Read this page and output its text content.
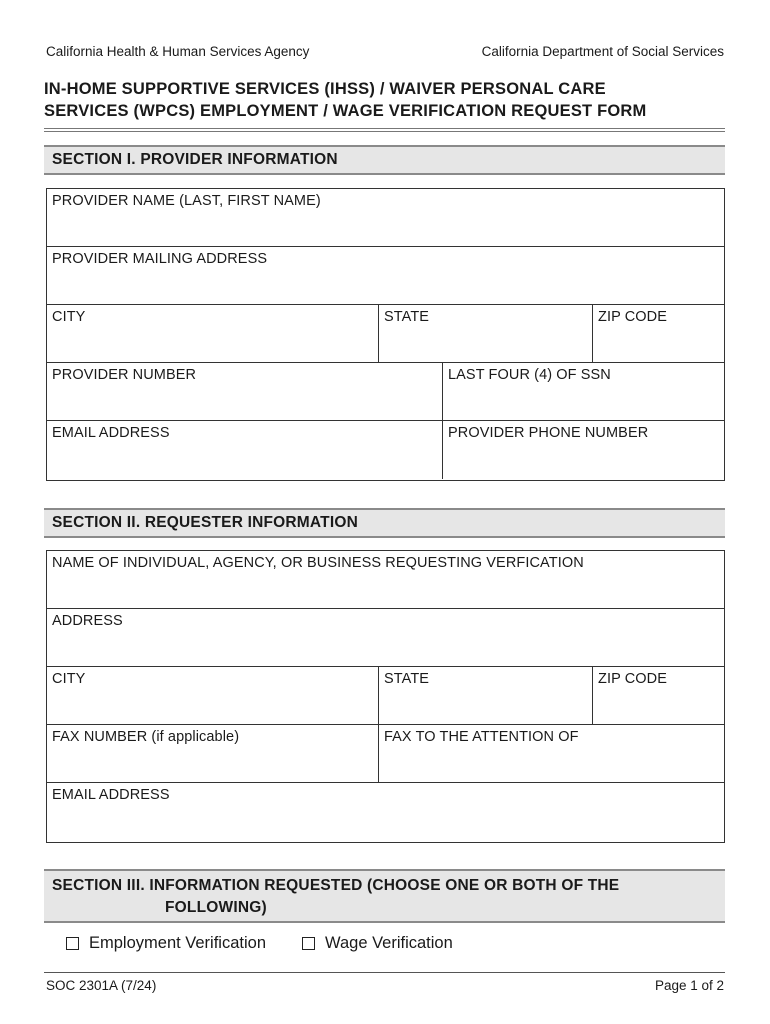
California Health & Human Services Agency	California Department of Social Services
IN-HOME SUPPORTIVE SERVICES (IHSS) / WAIVER PERSONAL CARE
SERVICES (WPCS) EMPLOYMENT / WAGE VERIFICATION REQUEST FORM
SECTION I. PROVIDER INFORMATION
PROVIDER NAME (LAST, FIRST NAME)
PROVIDER MAILING ADDRESS
CITY	STATE	ZIP CODE
PROVIDER NUMBER	LAST FOUR (4) OF SSN
EMAIL ADDRESS	PROVIDER PHONE NUMBER
SECTION II. REQUESTER INFORMATION
NAME OF INDIVIDUAL, AGENCY, OR BUSINESS REQUESTING VERFICATION
ADDRESS
CITY	STATE	ZIP CODE
FAX NUMBER (if applicable)	FAX TO THE ATTENTION OF
EMAIL ADDRESS
SECTION III. INFORMATION REQUESTED (CHOOSE ONE OR BOTH OF THE
FOLLOWING)
Employment Verification	Wage Verification
SOC 2301A (7/24)	Page 1 of 2
